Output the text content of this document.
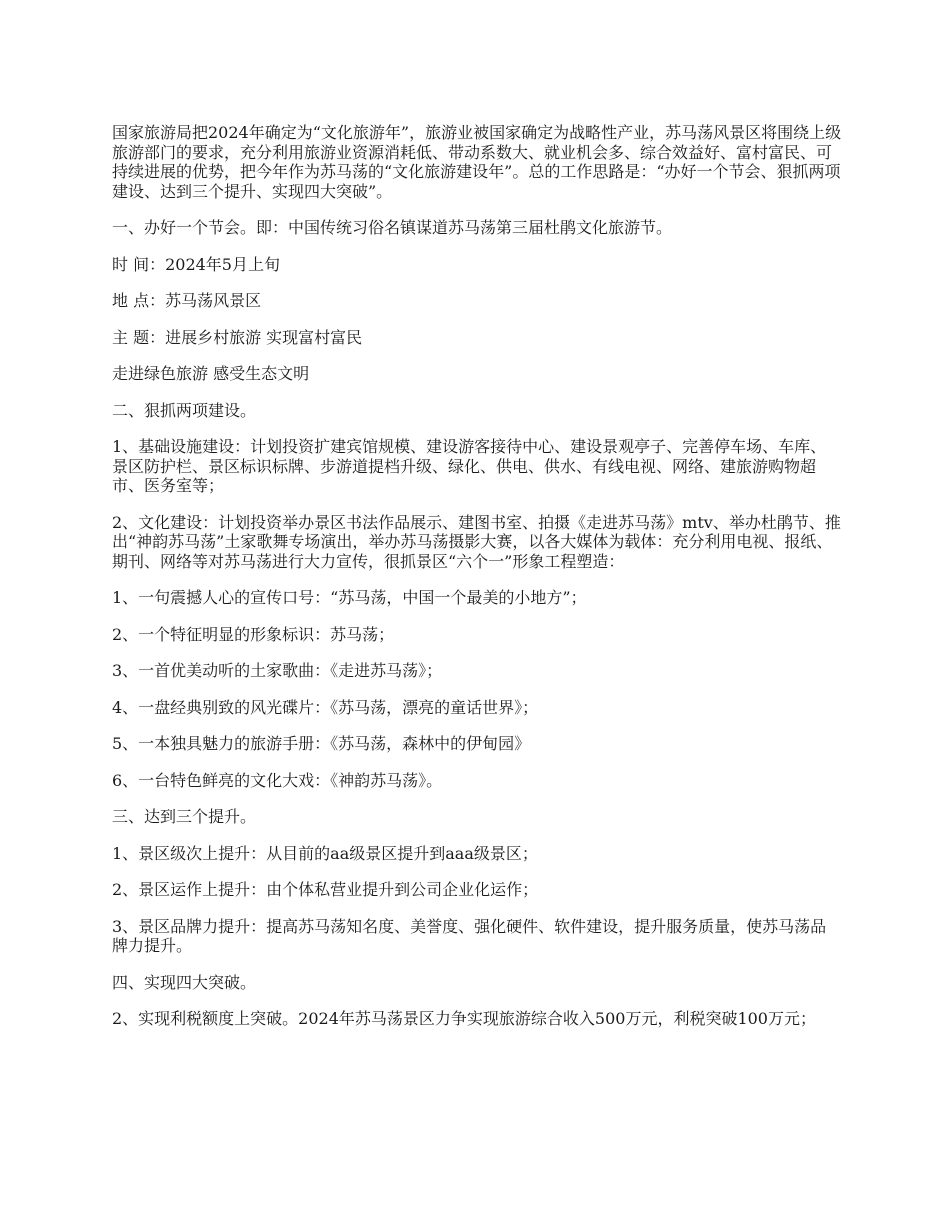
国家旅游局把2024年确定为“文化旅游年”，旅游业被国家确定为战略性产业，苏马荡风景区将围绕上级旅游部门的要求，充分利用旅游业资源消耗低、带动系数大、就业机会多、综合效益好、富村富民、可持续进展的优势，把今年作为苏马荡的“文化旅游建设年”。总的工作思路是：“办好一个节会、狠抓两项建设、达到三个提升、实现四大突破”。

一、办好一个节会。即：中国传统习俗名镇谋道苏马荡第三届杜鹃文化旅游节。

时 间：2024年5月上旬

地 点：苏马荡风景区

主 题：进展乡村旅游 实现富村富民

走进绿色旅游 感受生态文明

二、狠抓两项建设。

1、基础设施建设：计划投资扩建宾馆规模、建设游客接待中心、建设景观亭子、完善停车场、车库、景区防护栏、景区标识标牌、步游道提档升级、绿化、供电、供水、有线电视、网络、建旅游购物超市、医务室等；

2、文化建设：计划投资举办景区书法作品展示、建图书室、拍摄《走进苏马荡》mtv、举办杜鹃节、推出“神韵苏马荡”土家歌舞专场演出，举办苏马荡摄影大赛，以各大媒体为载体：充分利用电视、报纸、期刊、网络等对苏马荡进行大力宣传，很抓景区“六个一”形象工程塑造：

1、一句震撼人心的宣传口号：“苏马荡，中国一个最美的小地方”；

2、一个特征明显的形象标识：苏马荡；

3、一首优美动听的土家歌曲：《走进苏马荡》；

4、一盘经典别致的风光碟片：《苏马荡，漂亮的童话世界》；

5、一本独具魅力的旅游手册：《苏马荡，森林中的伊甸园》

6、一台特色鲜亮的文化大戏：《神韵苏马荡》。

三、达到三个提升。

1、景区级次上提升：从目前的aa级景区提升到aaa级景区；

2、景区运作上提升：由个体私营业提升到公司企业化运作；

3、景区品牌力提升：提高苏马荡知名度、美誉度、强化硬件、软件建设，提升服务质量，使苏马荡品牌力提升。

四、实现四大突破。

2、实现利税额度上突破。2024年苏马荡景区力争实现旅游综合收入500万元，利税突破100万元；
